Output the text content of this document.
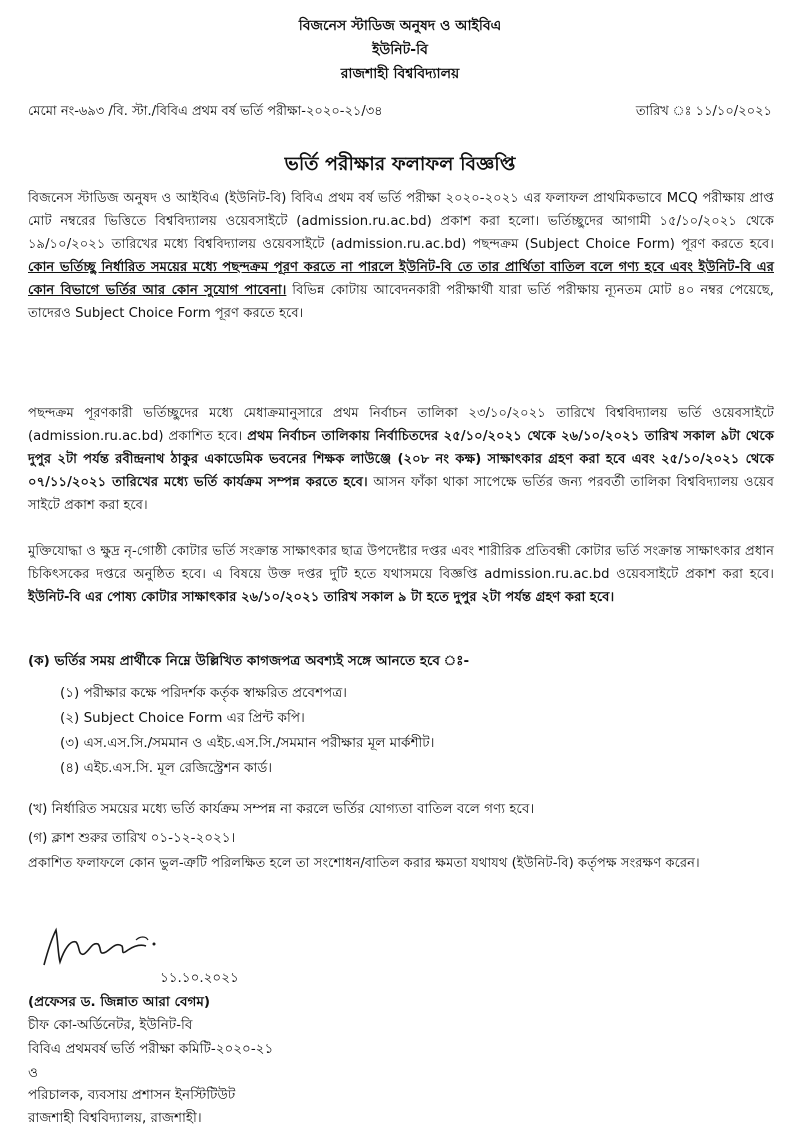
বিজনেস স্টাডিজ অনুষদ ও আইবিএ
ইউনিট-বি
রাজশাহী বিশ্ববিদ্যালয়
মেমো নং-৬৯৩ /বি. স্টা./বিবিএ প্রথম বর্ষ ভর্তি পরীক্ষা-২০২০-২১/৩৪	তারিখ ঃ ১১/১০/২০২১
ভর্তি পরীক্ষার ফলাফল বিজ্ঞপ্তি

বিজনেস স্টাডিজ অনুষদ ও আইবিএ (ইউনিট-বি) বিবিএ প্রথম বর্ষ ভর্তি পরীক্ষা ২০২০-২০২১ এর ফলাফল প্রাথমিকভাবে MCQ পরীক্ষায় প্রাপ্ত মোট নম্বরের ভিত্তিতে বিশ্ববিদ্যালয় ওয়েবসাইটে (admission.ru.ac.bd) প্রকাশ করা হলো। ভর্তিচ্ছুদের আগামী ১৫/১০/২০২১ থেকে ১৯/১০/২০২১ তারিখের মধ্যে বিশ্ববিদ্যালয় ওয়েবসাইটে (admission.ru.ac.bd) পছন্দক্রম (Subject Choice Form) পূরণ করতে হবে। কোন ভর্তিচ্ছু নির্ধারিত সময়ের মধ্যে পছন্দক্রম পূরণ করতে না পারলে ইউনিট-বি তে তার প্রার্থিতা বাতিল বলে গণ্য হবে এবং ইউনিট-বি এর কোন বিভাগে ভর্তির আর কোন সুযোগ পাবেনা। বিভিন্ন কোটায় আবেদনকারী পরীক্ষার্থী যারা ভর্তি পরীক্ষায় ন্যূনতম মোট ৪০ নম্বর পেয়েছে, তাদেরও Subject Choice Form পূরণ করতে হবে।

পছন্দক্রম পূরণকারী ভর্তিচ্ছুদের মধ্যে মেধাক্রমানুসারে প্রথম নির্বাচন তালিকা ২৩/১০/২০২১ তারিখে বিশ্ববিদ্যালয় ভর্তি ওয়েবসাইটে (admission.ru.ac.bd) প্রকাশিত হবে। প্রথম নির্বাচন তালিকায় নির্বাচিতদের ২৫/১০/২০২১ থেকে ২৬/১০/২০২১ তারিখ সকাল ৯টা থেকে দুপুর ২টা পর্যন্ত রবীন্দ্রনাথ ঠাকুর একাডেমিক ভবনের শিক্ষক লাউঞ্জে (২০৮ নং কক্ষ) সাক্ষাৎকার গ্রহণ করা হবে এবং ২৫/১০/২০২১ থেকে ০৭/১১/২০২১ তারিখের মধ্যে ভর্তি কার্যক্রম সম্পন্ন করতে হবে। আসন ফাঁকা থাকা সাপেক্ষে ভর্তির জন্য পরবর্তী তালিকা বিশ্ববিদ্যালয় ওয়েব সাইটে প্রকাশ করা হবে।

মুক্তিযোদ্ধা ও ক্ষুদ্র নৃ-গোষ্ঠী কোটার ভর্তি সংক্রান্ত সাক্ষাৎকার ছাত্র উপদেষ্টার দপ্তর এবং শারীরিক প্রতিবন্ধী কোটার ভর্তি সংক্রান্ত সাক্ষাৎকার প্রধান চিকিৎসকের দপ্তরে অনুষ্ঠিত হবে। এ বিষয়ে উক্ত দপ্তর দুটি হতে যথাসময়ে বিজ্ঞপ্তি admission.ru.ac.bd ওয়েবসাইটে প্রকাশ করা হবে। ইউনিট-বি এর পোষ্য কোটার সাক্ষাৎকার ২৬/১০/২০২১ তারিখ সকাল ৯ টা হতে দুপুর ২টা পর্যন্ত গ্রহণ করা হবে।

(ক) ভর্তির সময় প্রার্থীকে নিম্নে উল্লিখিত কাগজপত্র অবশ্যই সঙ্গে আনতে হবে ঃ-
(১) পরীক্ষার কক্ষে পরিদর্শক কর্তৃক স্বাক্ষরিত প্রবেশপত্র।
(২) Subject Choice Form এর প্রিন্ট কপি।
(৩) এস.এস.সি./সমমান ও এইচ.এস.সি./সমমান পরীক্ষার মূল মার্কশীট।
(৪) এইচ.এস.সি. মূল রেজিস্ট্রেশন কার্ড।
(খ) নির্ধারিত সময়ের মধ্যে ভর্তি কার্যক্রম সম্পন্ন না করলে ভর্তির যোগ্যতা বাতিল বলে গণ্য হবে।
(গ) ক্লাশ শুরুর তারিখ ০১-১২-২০২১।

প্রকাশিত ফলাফলে কোন ভুল-ত্রুটি পরিলক্ষিত হলে তা সংশোধন/বাতিল করার ক্ষমতা যথাযথ (ইউনিট-বি) কর্তৃপক্ষ সংরক্ষণ করেন।

১১.১০.২০২১
(প্রফেসর ড. জিন্নাত আরা বেগম)
চীফ কো-অর্ডিনেটর, ইউনিট-বি
বিবিএ প্রথমবর্ষ ভর্তি পরীক্ষা কমিটি-২০২০-২১
ও
পরিচালক, ব্যবসায় প্রশাসন ইনস্টিটিউট
রাজশাহী বিশ্ববিদ্যালয়, রাজশাহী।
